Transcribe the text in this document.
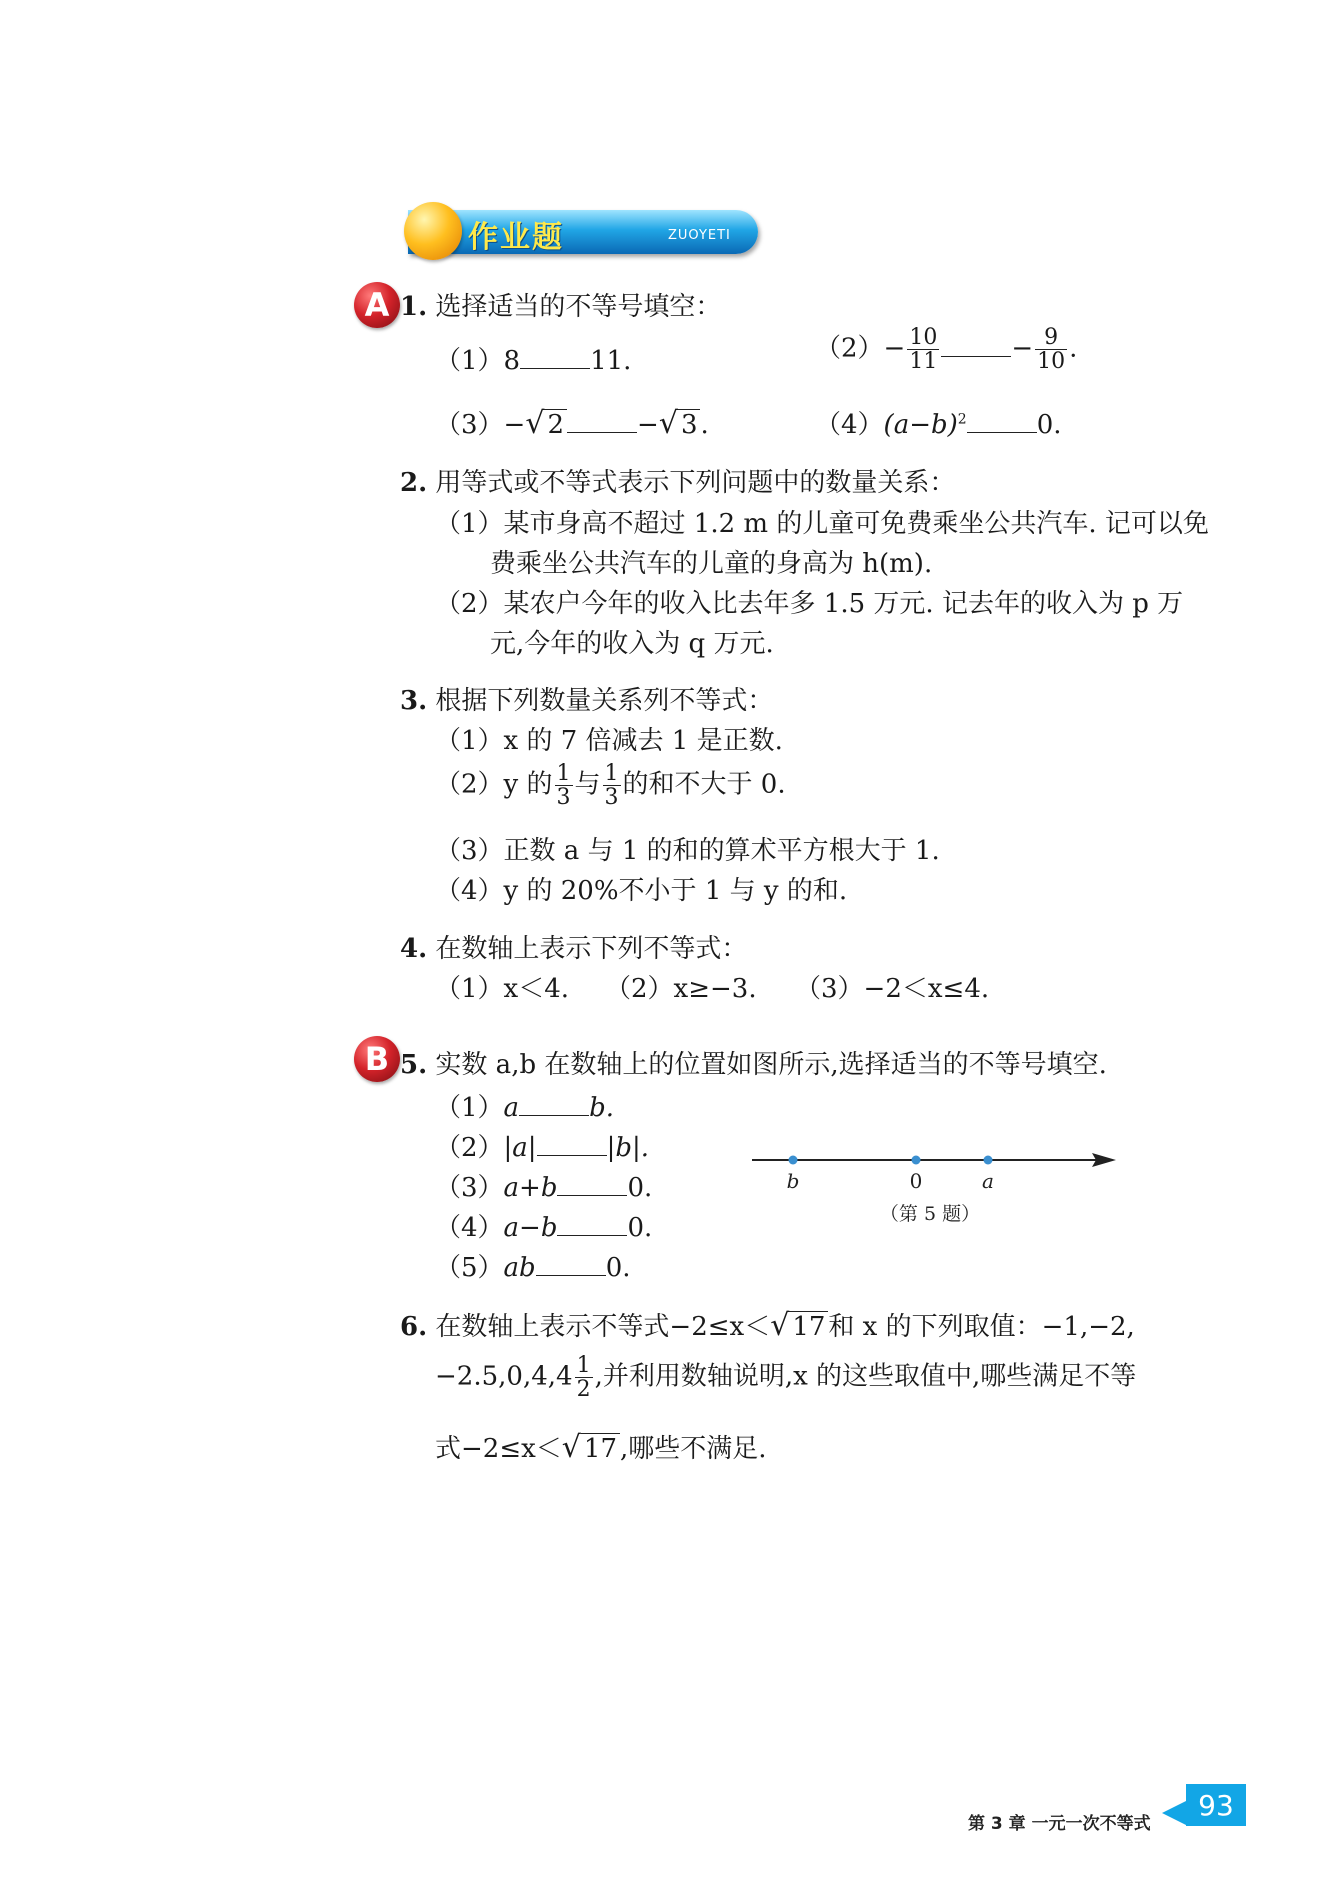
作业题	ZUOYETI
A 1. 选择适当的不等号填空：
（1）8	11.	$(2)- \frac{10}{11}$	− $\frac{9}{10}$ .
（3）−√ 2	−√ 3 .	$(4)(a-b)^2$	0.
2. 用等式或不等式表示下列问题中的数量关系：
（1）某市身高不超过 1.2 m 的儿童可免费乘坐公共汽车. 记可以免
费乘坐公共汽车的儿童的身高为 h(m).
（2）某农户今年的收入比去年多 1.5 万元. 记去年的收入为 p 万
元,今年的收入为 q 万元.
3. 根据下列数量关系列不等式：
（1）x 的 7 倍减去 1 是正数.
（2）y 的 $\frac{1}{3}$ 与 $\frac{1}{3}$ 的和不大于 0.
（3）正数 a 与 1 的和的算术平方根大于 1.
（4）y 的 20%不小于 1 与 y 的和.
4. 在数轴上表示下列不等式：
（1）x＜4. （2）x≥−3. （3）−2＜x≤4.
B 5. 实数 a,b 在数轴上的位置如图所示,选择适当的不等号填空.
（1）a	b.
（2）|a|	|b|.
（3）a+b	0.
（4）a−b	0.
（5）ab	0.
b	0	a
（第 5 题）
6. 在数轴上表示不等式−2≤x＜√ 17 和 x 的下列取值：−1,−2,
$-2.5,0,4,4 \frac{1}{2}$ ,并利用数轴说明,x 的这些取值中,哪些满足不等
式−2≤x＜√ 17 ,哪些不满足.
第 3 章 一元一次不等式
93
